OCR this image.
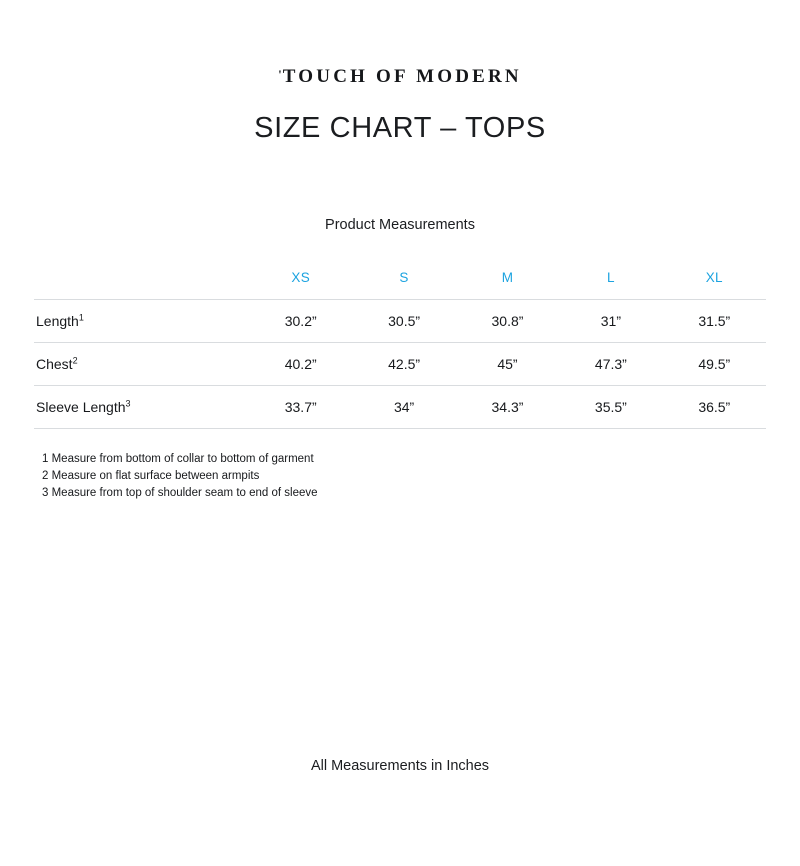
'TOUCH OF MODERN
SIZE CHART – TOPS
Product Measurements
	XS	S	M	L	XL
Length$^1$	30.2”	30.5”	30.8”	31”	31.5”
Chest$^2$	40.2”	42.5”	45”	47.3”	49.5”
Sleeve Length$^3$	33.7”	34”	34.3”	35.5”	36.5”
1 Measure from bottom of collar to bottom of garment
2 Measure on flat surface between armpits
3 Measure from top of shoulder seam to end of sleeve
All Measurements in Inches
